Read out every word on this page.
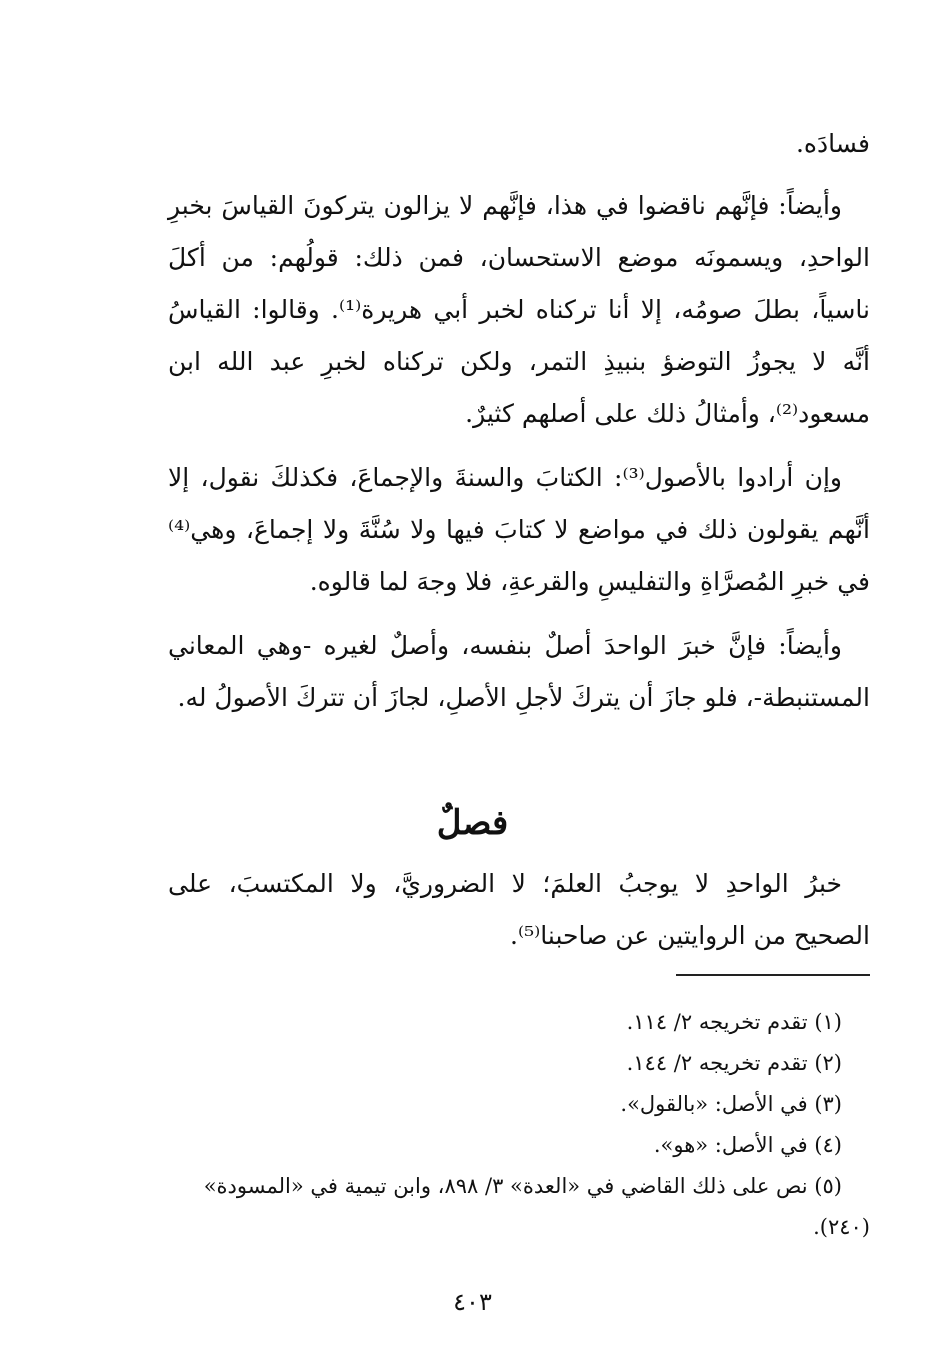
فسادَه.

وأيضاً: فإنَّهم ناقضوا في هذا، فإنَّهم لا يزالون يتركونَ القياسَ بخبرِ الواحدِ، ويسمونَه موضع الاستحسان، فمن ذلك: قولُهم: من أكلَ ناسياً، بطلَ صومُه، إلا أنا تركناه لخبر أبي هريرة⁽¹⁾. وقالوا: القياسُ أنَّه لا يجوزُ التوضؤ بنبيذِ التمر، ولكن تركناه لخبرِ عبد الله ابن مسعود⁽²⁾، وأمثالُ ذلك على أصلهم كثيرٌ.

وإن أرادوا بالأصول⁽³⁾: الكتابَ والسنةَ والإجماعَ، فكذلكَ نقول، إلا أنَّهم يقولون ذلك في مواضع لا كتابَ فيها ولا سُنَّةَ ولا إجماعَ، وهي⁽⁴⁾ في خبرِ المُصرَّاةِ والتفليسِ والقرعةِ، فلا وجهَ لما قالوه.

وأيضاً: فإنَّ خبرَ الواحدَ أصلٌ بنفسه، وأصلٌ لغيره -وهي المعاني المستنبطة-، فلو جازَ أن يتركَ لأجلِ الأصلِ، لجازَ أن تتركَ الأصولُ له.

فصلٌ

خبرُ الواحدِ لا يوجبُ العلمَ؛ لا الضروريَّ، ولا المكتسبَ، على الصحيح من الروايتين عن صاحبنا⁽⁵⁾.

(١) تقدم تخريجه ٢/ ١١٤.

(٢) تقدم تخريجه ٢/ ١٤٤.

(٣) في الأصل: «بالقول».

(٤) في الأصل: «هو».

(٥) نص على ذلك القاضي في «العدة» ٣/ ٨٩٨، وابن تيمية في «المسودة»

(٢٤٠).

٤٠٣
